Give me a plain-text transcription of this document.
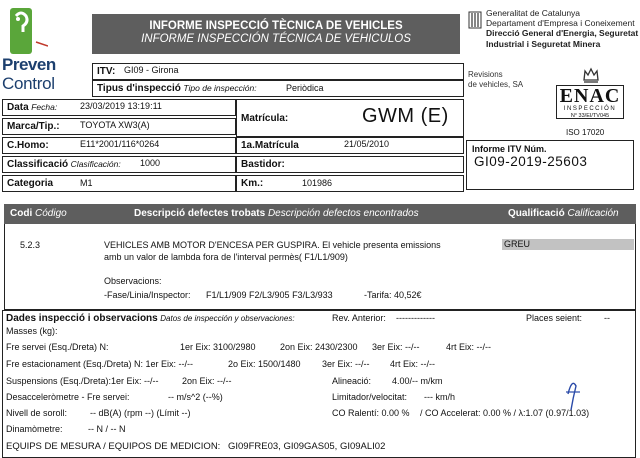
Preven
Control
INFORME INSPECCIÓ TÈCNICA DE VEHICLES
INFORME INSPECCIÓN TÉCNICA DE VEHICULOS
Generalitat de Catalunya
Departament d'Empresa i Coneixement
Direcció General d'Energia, Seguretat
Industrial i Seguretat Minera
ITV: GI09 - Girona
Tipus d'inspecció Tipo de inspección:	Periòdica
Data Fecha:	23/03/2019 13:19:11
Marca/Tip.:	TOYOTA XW3(A)
C.Homo:	E11*2001/116*0264
Classificació Clasificación:	1000
Categoria	M1
Matrícula:	GWM (E)
1a.Matrícula	21/05/2010
Bastidor:
Km.:	101986
Revisions
de vehicles, SA
ENAC
INSPECCIÓN
N° 33/EI/TV045
ISO 17020
Informe ITV Núm.
GI09-2019-25603
Codi Código	Descripció defectes trobats Descripción defectos encontrados	Qualificació Calificación
5.2.3	VEHICLES AMB MOTOR D'ENCESA PER GUSPIRA. El vehicle presenta emissions
amb un valor de lambda fora de l'interval permès( F1/L1/909)
GREU
Observacions:
-Fase/Linia/Inspector: F1/L1/909 F2/L3/905 F3/L3/933	-Tarifa: 40,52€
Dades inspecció i observacions Datos de inspección y observaciones:	Rev. Anterior: -------------	Places seient: --
Masses (kg):
Fre servei (Esq./Dreta) N:	1er Eix: 3100/2980	2on Eix: 2430/2300 3er Eix: --/--	4rt Eix: --/--
Fre estacionament (Esq./Dreta) N: 1er Eix: --/--	2o Eix: 1500/1480 3er Eix: --/-- 4rt Eix: --/--
Suspensions (Esq./Dreta):1er Eix: --/--	2on Eix: --/--	Alineació: 4.00/-- m/km
Desacceleròmetre - Fre servei:	-- m/s^2 (--%)	Limitador/velocitat: --- km/h
Nivell de soroll:	-- dB(A) (rpm --) (Límit --)	CO Ralentí: 0.00 % / CO Accelerat: 0.00 % / λ:1.07 (0.97/1.03)
Dinamòmetre:	-- N / -- N
EQUIPS DE MESURA / EQUIPOS DE MEDICION: GI09FRE03, GI09GAS05, GI09ALI02
